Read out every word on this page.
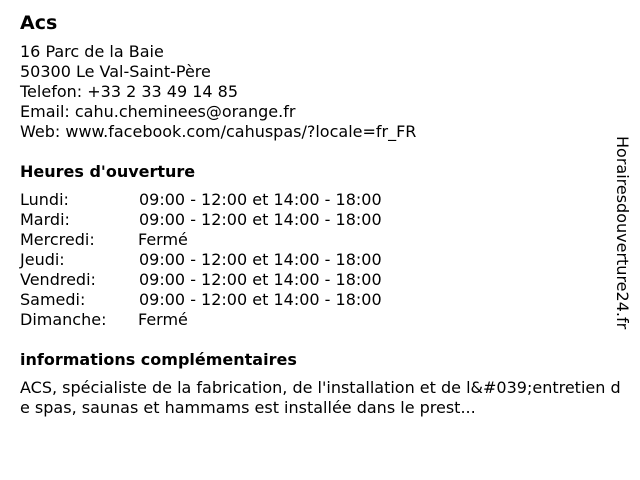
Acs
16 Parc de la Baie
50300 Le Val-Saint-Père
Telefon: +33 2 33 49 14 85
Email: cahu.cheminees@orange.fr
Web: www.facebook.com/cahuspas/?locale=fr_FR
Heures d'ouverture
Lundi:	09:00 - 12:00 et 14:00 - 18:00
Mardi:	09:00 - 12:00 et 14:00 - 18:00
Mercredi:	Fermé
Jeudi:	09:00 - 12:00 et 14:00 - 18:00
Vendredi:	09:00 - 12:00 et 14:00 - 18:00
Samedi:	09:00 - 12:00 et 14:00 - 18:00
Dimanche:	Fermé
informations complémentaires
ACS, spécialiste de la fabrication, de l'installation et de l&#039;entretien de spas, saunas et hammams est installée dans le prest...
Horairesdouverture24.fr
